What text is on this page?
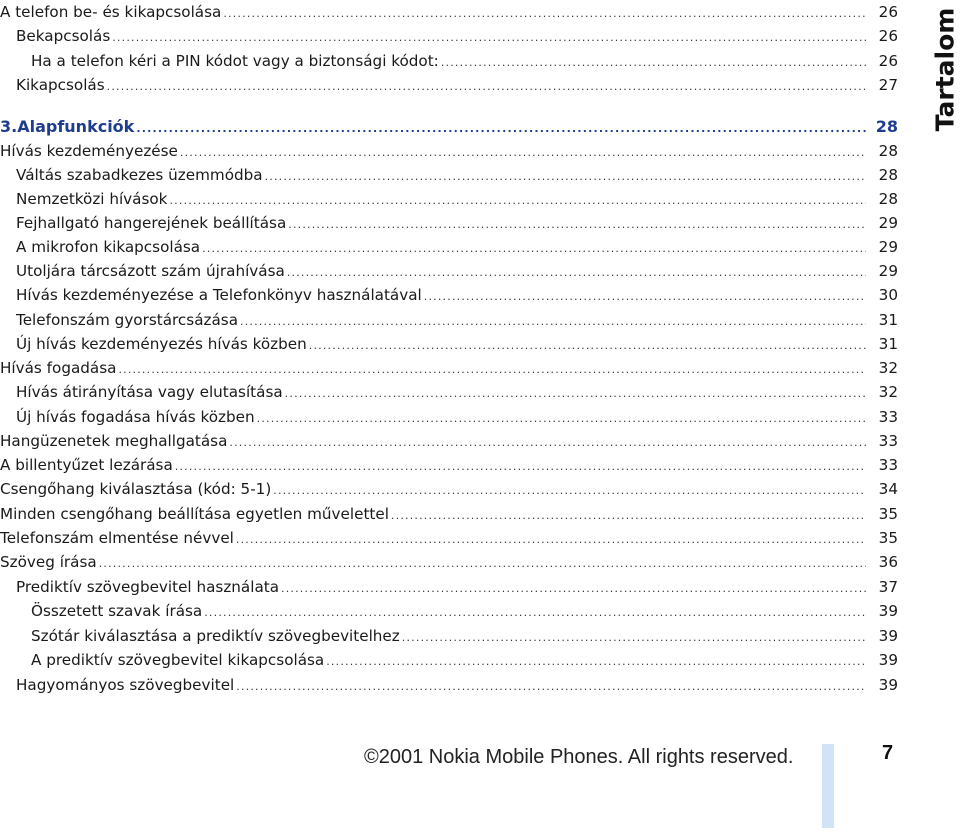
A telefon be- és kikapcsolása .....	26
Bekapcsolás .....	26
Ha a telefon kéri a PIN kódot vagy a biztonsági kódot: .....	26
Kikapcsolás .....	27
3.Alapfunkciók .....	28
Hívás kezdeményezése .....	28
Váltás szabadkezes üzemmódba .....	28
Nemzetközi hívások .....	28
Fejhallgató hangerejének beállítása .....	29
A mikrofon kikapcsolása .....	29
Utoljára tárcsázott szám újrahívása .....	29
Hívás kezdeményezése a Telefonkönyv használatával .....	30
Telefonszám gyorstárcsázása .....	31
Új hívás kezdeményezés hívás közben .....	31
Hívás fogadása .....	32
Hívás átirányítása vagy elutasítása .....	32
Új hívás fogadása hívás közben .....	33
Hangüzenetek meghallgatása .....	33
A billentyűzet lezárása .....	33
Csengőhang kiválasztása (kód: 5-1) .....	34
Minden csengőhang beállítása egyetlen művelettel .....	35
Telefonszám elmentése névvel .....	35
Szöveg írása .....	36
Prediktív szövegbevitel használata .....	37
Összetett szavak írása .....	39
Szótár kiválasztása a prediktív szövegbevitelhez .....	39
A prediktív szövegbevitel kikapcsolása .....	39
Hagyományos szövegbevitel .....	39
Tartalom
©2001 Nokia Mobile Phones. All rights reserved.	7
